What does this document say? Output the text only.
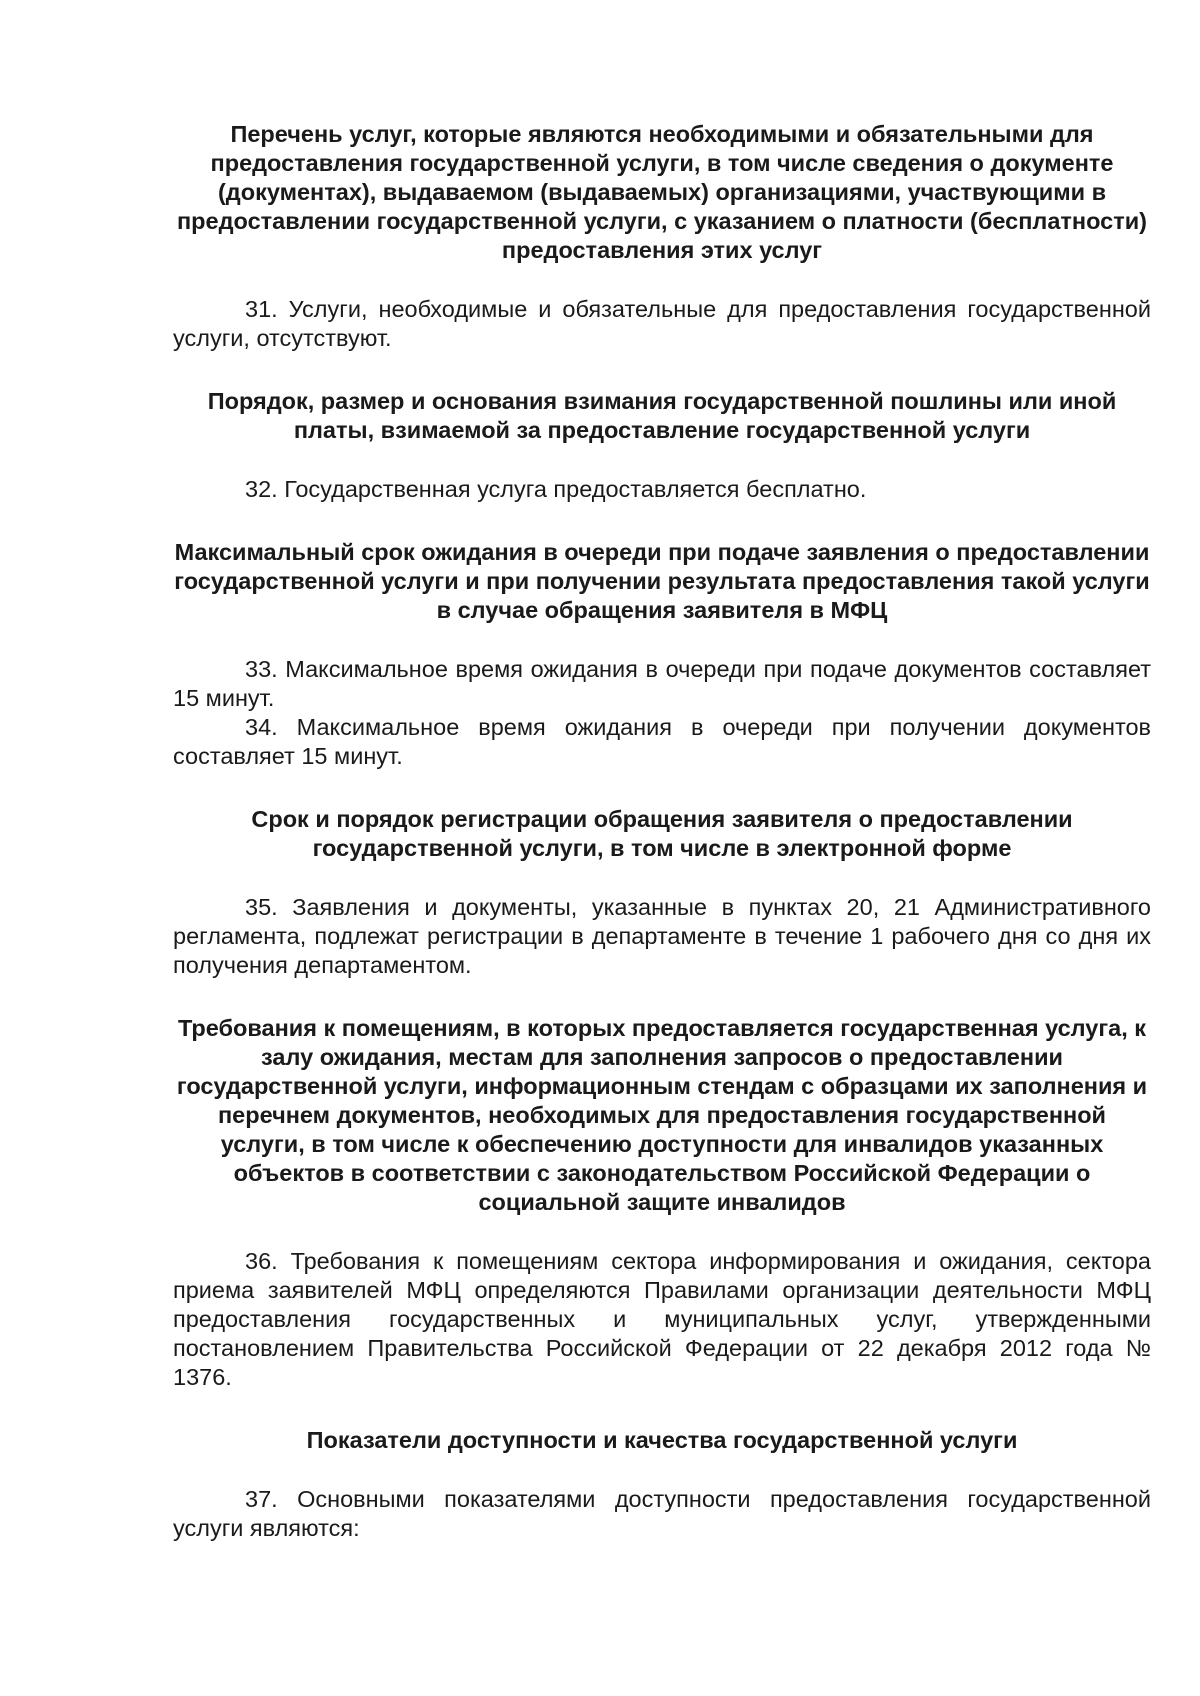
Перечень услуг, которые являются необходимыми и обязательными для предоставления государственной услуги, в том числе сведения о документе (документах), выдаваемом (выдаваемых) организациями, участвующими в предоставлении государственной услуги, с указанием о платности (бесплатности) предоставления этих услуг

31. Услуги, необходимые и обязательные для предоставления государственной услуги, отсутствуют.

Порядок, размер и основания взимания государственной пошлины или иной платы, взимаемой за предоставление государственной услуги

32. Государственная услуга предоставляется бесплатно.

Максимальный срок ожидания в очереди при подаче заявления о предоставлении государственной услуги и при получении результата предоставления такой услуги в случае обращения заявителя в МФЦ

33. Максимальное время ожидания в очереди при подаче документов составляет 15 минут.

34. Максимальное время ожидания в очереди при получении документов составляет 15 минут.

Срок и порядок регистрации обращения заявителя о предоставлении государственной услуги, в том числе в электронной форме

35. Заявления и документы, указанные в пунктах 20, 21 Административного регламента, подлежат регистрации в департаменте в течение 1 рабочего дня со дня их получения департаментом.

Требования к помещениям, в которых предоставляется государственная услуга, к залу ожидания, местам для заполнения запросов о предоставлении государственной услуги, информационным стендам с образцами их заполнения и перечнем документов, необходимых для предоставления государственной услуги, в том числе к обеспечению доступности для инвалидов указанных объектов в соответствии с законодательством Российской Федерации о социальной защите инвалидов

36. Требования к помещениям сектора информирования и ожидания, сектора приема заявителей МФЦ определяются Правилами организации деятельности МФЦ предоставления государственных и муниципальных услуг, утвержденными постановлением Правительства Российской Федерации от 22 декабря 2012 года № 1376.

Показатели доступности и качества государственной услуги

37. Основными показателями доступности предоставления государственной услуги являются:
